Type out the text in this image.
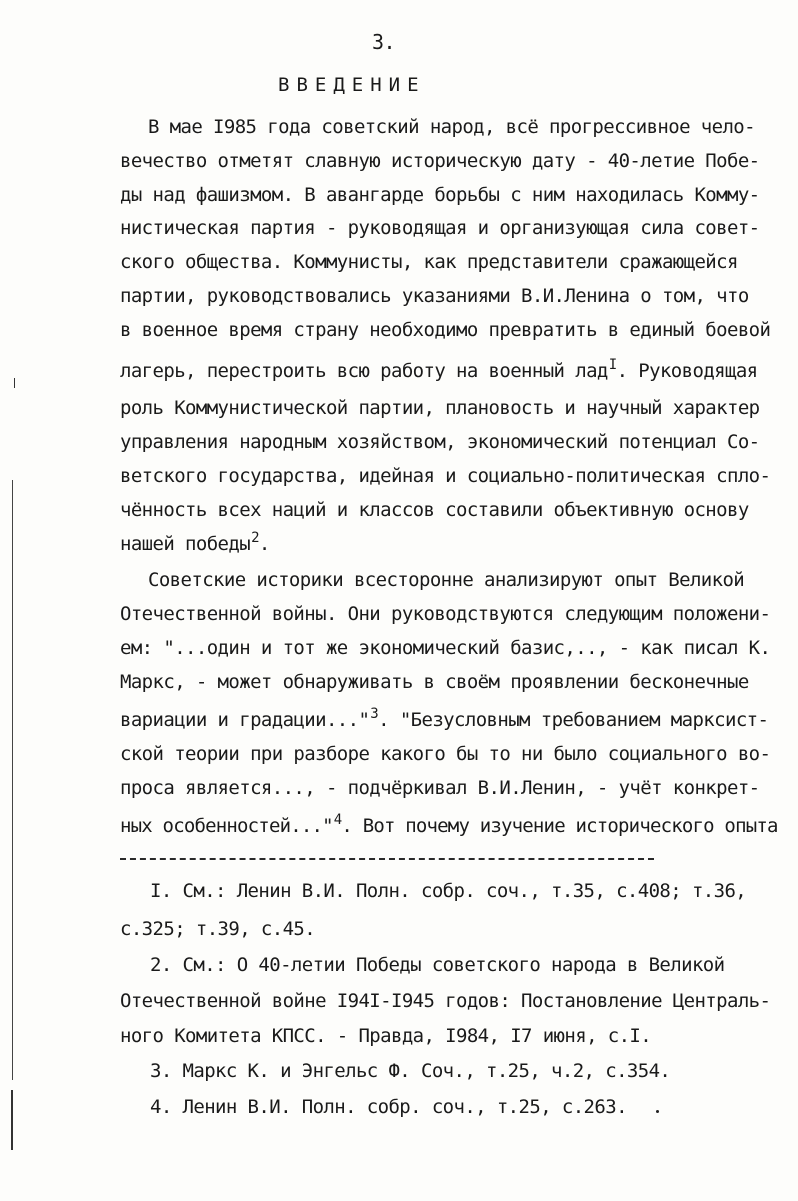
3.
ВВЕДЕНИЕ
В мае I985 года советский народ, всё прогрессивное чело-
вечество отметят славную историческую дату - 40-летие Побе-
ды над фашизмом. В авангарде борьбы с ним находилась Комму-
нистическая партия - руководящая и организующая сила совет-
ского общества. Коммунисты, как представители сражающейся
партии, руководствовались указаниями В.И.Ленина о том, что
в военное время страну необходимо превратить в единый боевой
лагерь, перестроить всю работу на военный лад$^I$. Руководящая
роль Коммунистической партии, плановость и научный характер
управления народным хозяйством, экономический потенциал Со-
ветского государства, идейная и социально-политическая спло-
чённость всех наций и классов составили объективную основу
нашей победы$^2$.
Советские историки всесторонне анализируют опыт Великой
Отечественной войны. Они руководствуются следующим положени-
ем: "...один и тот же экономический базис,.., - как писал К.
Маркс, - может обнаруживать в своём проявлении бесконечные
вариации и градации..."$^3$. "Безусловным требованием марксист-
ской теории при разборе какого бы то ни было социального во-
проса является..., - подчёркивал В.И.Ленин, - учёт конкрет-
ных особенностей..."$^4$. Вот почему изучение исторического опыта
I. См.: Ленин В.И. Полн. собр. соч., т.35, с.408; т.36,
с.325; т.39, с.45.
2. См.: О 40-летии Победы советского народа в Великой
Отечественной войне I94I-I945 годов: Постановление Централь-
ного Комитета КПСС. - Правда, I984, I7 июня, с.I.
3. Маркс К. и Энгельс Ф. Соч., т.25, ч.2, с.354.
4. Ленин В.И. Полн. собр. соч., т.25, с.263.
